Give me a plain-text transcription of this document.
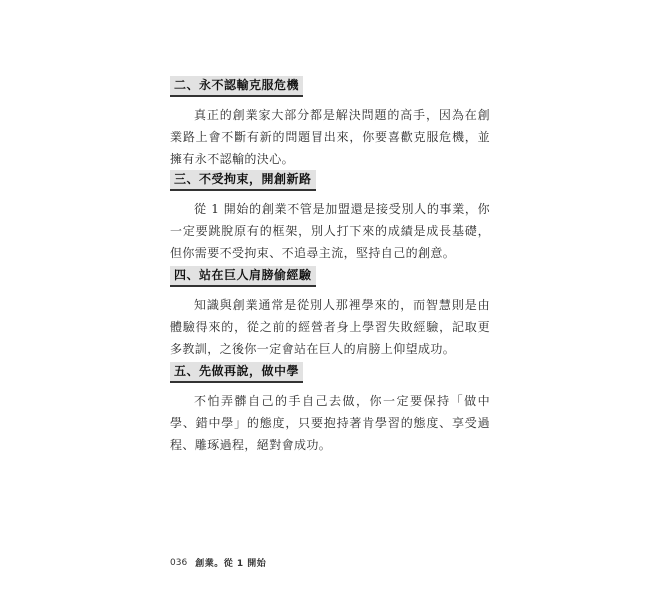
二、永不認輸克服危機
真正的創業家大部分都是解決問題的高手，因為在創業路上會不斷有新的問題冒出來，你要喜歡克服危機，並擁有永不認輸的決心。
三、不受拘束，開創新路
從 1 開始的創業不管是加盟還是接受別人的事業，你一定要跳脫原有的框架，別人打下來的成績是成長基礎，但你需要不受拘束、不追尋主流，堅持自己的創意。
四、站在巨人肩膀偷經驗
知識與創業通常是從別人那裡學來的，而智慧則是由體驗得來的，從之前的經營者身上學習失敗經驗，記取更多教訓，之後你一定會站在巨人的肩膀上仰望成功。
五、先做再說，做中學
不怕弄髒自己的手自己去做，你一定要保持「做中學、錯中學」的態度，只要抱持著肯學習的態度、享受過程、雕琢過程，絕對會成功。
036 創業。從 1 開始
